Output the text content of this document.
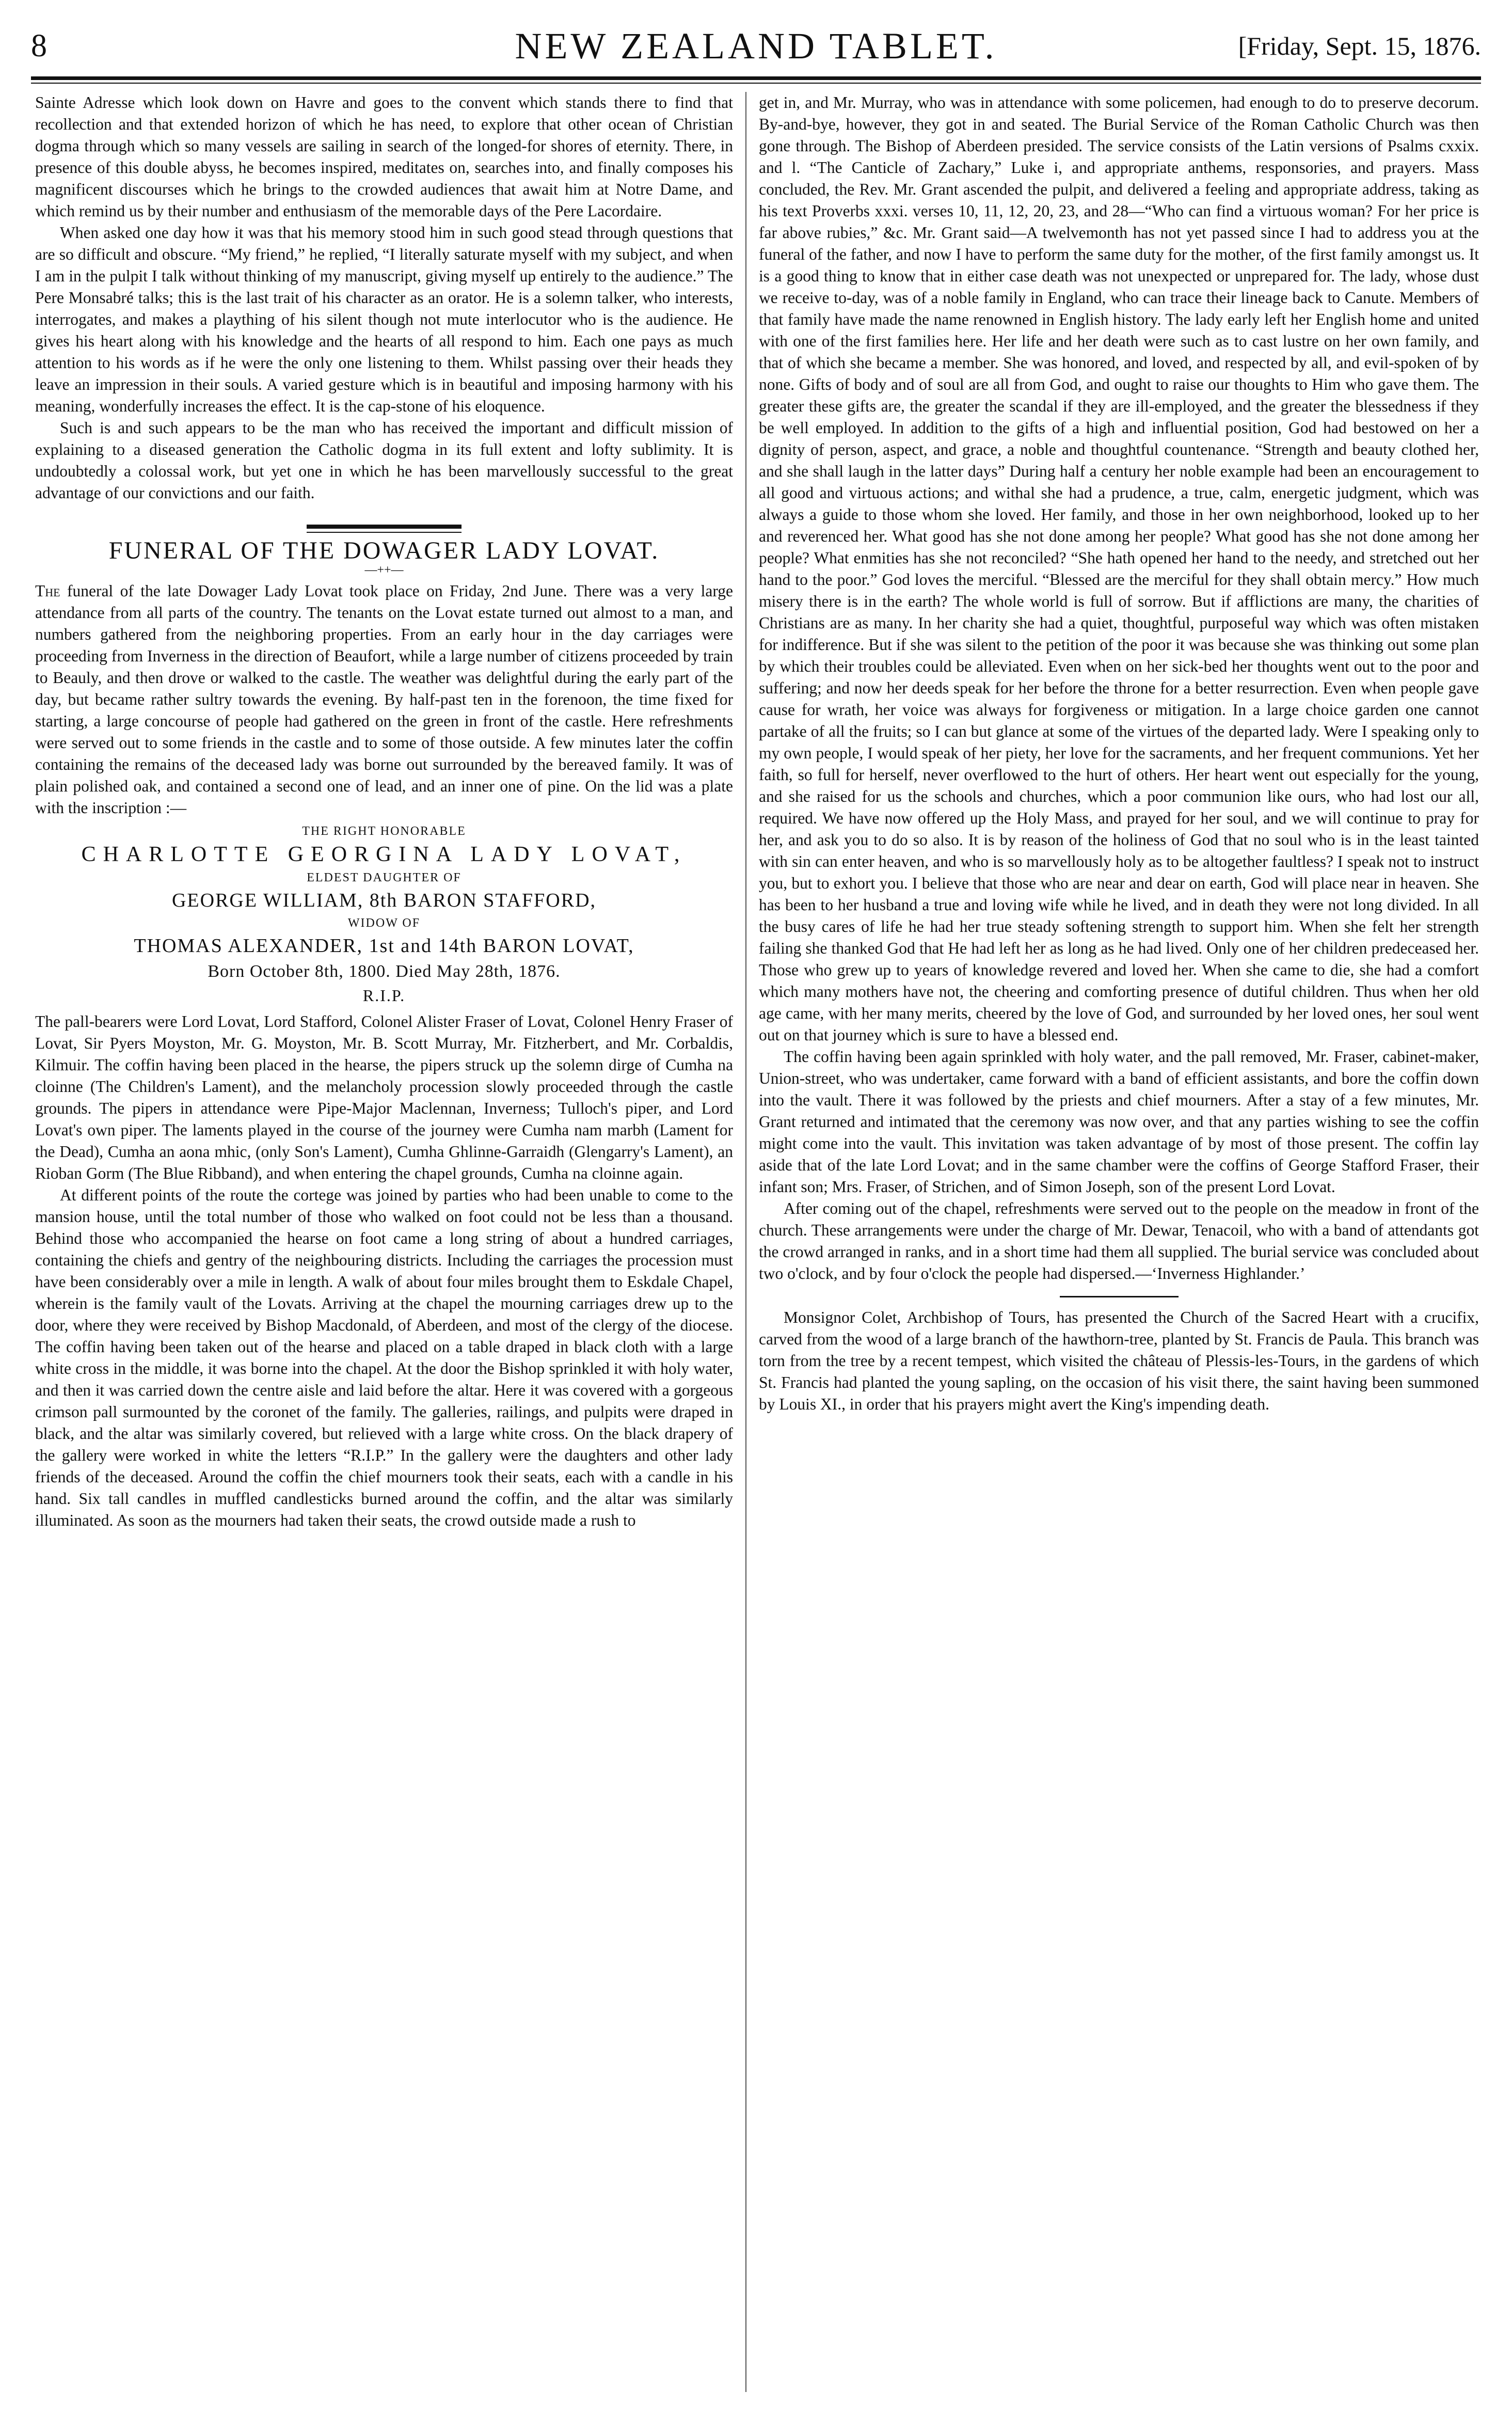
8	NEW ZEALAND TABLET.	[Friday, Sept. 15, 1876.

Sainte Adresse which look down on Havre and goes to the convent which stands there to find that recollection and that extended horizon of which he has need, to explore that other ocean of Christian dogma through which so many vessels are sailing in search of the longed-for shores of eternity. There, in presence of this double abyss, he becomes inspired, meditates on, searches into, and finally composes his magnificent discourses which he brings to the crowded audiences that await him at Notre Dame, and which remind us by their number and enthusiasm of the memorable days of the Pere Lacordaire.

When asked one day how it was that his memory stood him in such good stead through questions that are so difficult and obscure. “My friend,” he replied, “I literally saturate myself with my subject, and when I am in the pulpit I talk without thinking of my manuscript, giving myself up entirely to the audience.” The Pere Monsabré talks; this is the last trait of his character as an orator. He is a solemn talker, who interests, interrogates, and makes a plaything of his silent though not mute interlocutor who is the audience. He gives his heart along with his knowledge and the hearts of all respond to him. Each one pays as much attention to his words as if he were the only one listening to them. Whilst passing over their heads they leave an impression in their souls. A varied gesture which is in beautiful and imposing harmony with his meaning, wonderfully increases the effect. It is the cap-stone of his eloquence.

Such is and such appears to be the man who has received the important and difficult mission of explaining to a diseased generation the Catholic dogma in its full extent and lofty sublimity. It is undoubtedly a colossal work, but yet one in which he has been marvellously successful to the great advantage of our convictions and our faith.

FUNERAL OF THE DOWAGER LADY LOVAT.
—++—

The funeral of the late Dowager Lady Lovat took place on Friday, 2nd June. There was a very large attendance from all parts of the country. The tenants on the Lovat estate turned out almost to a man, and numbers gathered from the neighboring properties. From an early hour in the day carriages were proceeding from Inverness in the direction of Beaufort, while a large number of citizens proceeded by train to Beauly, and then drove or walked to the castle. The weather was delightful during the early part of the day, but became rather sultry towards the evening. By half-past ten in the forenoon, the time fixed for starting, a large concourse of people had gathered on the green in front of the castle. Here refreshments were served out to some friends in the castle and to some of those outside. A few minutes later the coffin containing the remains of the deceased lady was borne out surrounded by the bereaved family. It was of plain polished oak, and contained a second one of lead, and an inner one of pine. On the lid was a plate with the inscription :—

THE RIGHT HONORABLE
CHARLOTTE GEORGINA LADY LOVAT,
ELDEST DAUGHTER OF
GEORGE WILLIAM, 8th BARON STAFFORD,
WIDOW OF
THOMAS ALEXANDER, 1st and 14th BARON LOVAT,
Born October 8th, 1800. Died May 28th, 1876.
R.I.P.

The pall-bearers were Lord Lovat, Lord Stafford, Colonel Alister Fraser of Lovat, Colonel Henry Fraser of Lovat, Sir Pyers Moyston, Mr. G. Moyston, Mr. B. Scott Murray, Mr. Fitzherbert, and Mr. Corbaldis, Kilmuir. The coffin having been placed in the hearse, the pipers struck up the solemn dirge of Cumha na cloinne (The Children's Lament), and the melancholy procession slowly proceeded through the castle grounds. The pipers in attendance were Pipe-Major Maclennan, Inverness; Tulloch's piper, and Lord Lovat's own piper. The laments played in the course of the journey were Cumha nam marbh (Lament for the Dead), Cumha an aona mhic, (only Son's Lament), Cumha Ghlinne-Garraidh (Glengarry's Lament), an Rioban Gorm (The Blue Ribband), and when entering the chapel grounds, Cumha na cloinne again.

At different points of the route the cortege was joined by parties who had been unable to come to the mansion house, until the total number of those who walked on foot could not be less than a thousand. Behind those who accompanied the hearse on foot came a long string of about a hundred carriages, containing the chiefs and gentry of the neighbouring districts. Including the carriages the procession must have been considerably over a mile in length. A walk of about four miles brought them to Eskdale Chapel, wherein is the family vault of the Lovats. Arriving at the chapel the mourning carriages drew up to the door, where they were received by Bishop Macdonald, of Aberdeen, and most of the clergy of the diocese. The coffin having been taken out of the hearse and placed on a table draped in black cloth with a large white cross in the middle, it was borne into the chapel. At the door the Bishop sprinkled it with holy water, and then it was carried down the centre aisle and laid before the altar. Here it was covered with a gorgeous crimson pall surmounted by the coronet of the family. The galleries, railings, and pulpits were draped in black, and the altar was similarly covered, but relieved with a large white cross. On the black drapery of the gallery were worked in white the letters “R.I.P.” In the gallery were the daughters and other lady friends of the deceased. Around the coffin the chief mourners took their seats, each with a candle in his hand. Six tall candles in muffled candlesticks burned around the coffin, and the altar was similarly illuminated. As soon as the mourners had taken their seats, the crowd outside made a rush to

get in, and Mr. Murray, who was in attendance with some policemen, had enough to do to preserve decorum. By-and-bye, however, they got in and seated. The Burial Service of the Roman Catholic Church was then gone through. The Bishop of Aberdeen presided. The service consists of the Latin versions of Psalms cxxix. and l. “The Canticle of Zachary,” Luke i, and appropriate anthems, responsories, and prayers. Mass concluded, the Rev. Mr. Grant ascended the pulpit, and delivered a feeling and appropriate address, taking as his text Proverbs xxxi. verses 10, 11, 12, 20, 23, and 28—“Who can find a virtuous woman? For her price is far above rubies,” &c. Mr. Grant said—A twelvemonth has not yet passed since I had to address you at the funeral of the father, and now I have to perform the same duty for the mother, of the first family amongst us. It is a good thing to know that in either case death was not unexpected or unprepared for. The lady, whose dust we receive to-day, was of a noble family in England, who can trace their lineage back to Canute. Members of that family have made the name renowned in English history. The lady early left her English home and united with one of the first families here. Her life and her death were such as to cast lustre on her own family, and that of which she became a member. She was honored, and loved, and respected by all, and evil-spoken of by none. Gifts of body and of soul are all from God, and ought to raise our thoughts to Him who gave them. The greater these gifts are, the greater the scandal if they are ill-employed, and the greater the blessedness if they be well employed. In addition to the gifts of a high and influential position, God had bestowed on her a dignity of person, aspect, and grace, a noble and thoughtful countenance. “Strength and beauty clothed her, and she shall laugh in the latter days” During half a century her noble example had been an encouragement to all good and virtuous actions; and withal she had a prudence, a true, calm, energetic judgment, which was always a guide to those whom she loved. Her family, and those in her own neighborhood, looked up to her and reverenced her. What good has she not done among her people? What good has she not done among her people? What enmities has she not reconciled? “She hath opened her hand to the needy, and stretched out her hand to the poor.” God loves the merciful. “Blessed are the merciful for they shall obtain mercy.” How much misery there is in the earth? The whole world is full of sorrow. But if afflictions are many, the charities of Christians are as many. In her charity she had a quiet, thoughtful, purposeful way which was often mistaken for indifference. But if she was silent to the petition of the poor it was because she was thinking out some plan by which their troubles could be alleviated. Even when on her sick-bed her thoughts went out to the poor and suffering; and now her deeds speak for her before the throne for a better resurrection. Even when people gave cause for wrath, her voice was always for forgiveness or mitigation. In a large choice garden one cannot partake of all the fruits; so I can but glance at some of the virtues of the departed lady. Were I speaking only to my own people, I would speak of her piety, her love for the sacraments, and her frequent communions. Yet her faith, so full for herself, never overflowed to the hurt of others. Her heart went out especially for the young, and she raised for us the schools and churches, which a poor communion like ours, who had lost our all, required. We have now offered up the Holy Mass, and prayed for her soul, and we will continue to pray for her, and ask you to do so also. It is by reason of the holiness of God that no soul who is in the least tainted with sin can enter heaven, and who is so marvellously holy as to be altogether faultless? I speak not to instruct you, but to exhort you. I believe that those who are near and dear on earth, God will place near in heaven. She has been to her husband a true and loving wife while he lived, and in death they were not long divided. In all the busy cares of life he had her true steady softening strength to support him. When she felt her strength failing she thanked God that He had left her as long as he had lived. Only one of her children predeceased her. Those who grew up to years of knowledge revered and loved her. When she came to die, she had a comfort which many mothers have not, the cheering and comforting presence of dutiful children. Thus when her old age came, with her many merits, cheered by the love of God, and surrounded by her loved ones, her soul went out on that journey which is sure to have a blessed end.

The coffin having been again sprinkled with holy water, and the pall removed, Mr. Fraser, cabinet-maker, Union-street, who was undertaker, came forward with a band of efficient assistants, and bore the coffin down into the vault. There it was followed by the priests and chief mourners. After a stay of a few minutes, Mr. Grant returned and intimated that the ceremony was now over, and that any parties wishing to see the coffin might come into the vault. This invitation was taken advantage of by most of those present. The coffin lay aside that of the late Lord Lovat; and in the same chamber were the coffins of George Stafford Fraser, their infant son; Mrs. Fraser, of Strichen, and of Simon Joseph, son of the present Lord Lovat.

After coming out of the chapel, refreshments were served out to the people on the meadow in front of the church. These arrangements were under the charge of Mr. Dewar, Tenacoil, who with a band of attendants got the crowd arranged in ranks, and in a short time had them all supplied. The burial service was concluded about two o'clock, and by four o'clock the people had dispersed.—‘Inverness Highlander.’

Monsignor Colet, Archbishop of Tours, has presented the Church of the Sacred Heart with a crucifix, carved from the wood of a large branch of the hawthorn-tree, planted by St. Francis de Paula. This branch was torn from the tree by a recent tempest, which visited the château of Plessis-les-Tours, in the gardens of which St. Francis had planted the young sapling, on the occasion of his visit there, the saint having been summoned by Louis XI., in order that his prayers might avert the King's impending death.
